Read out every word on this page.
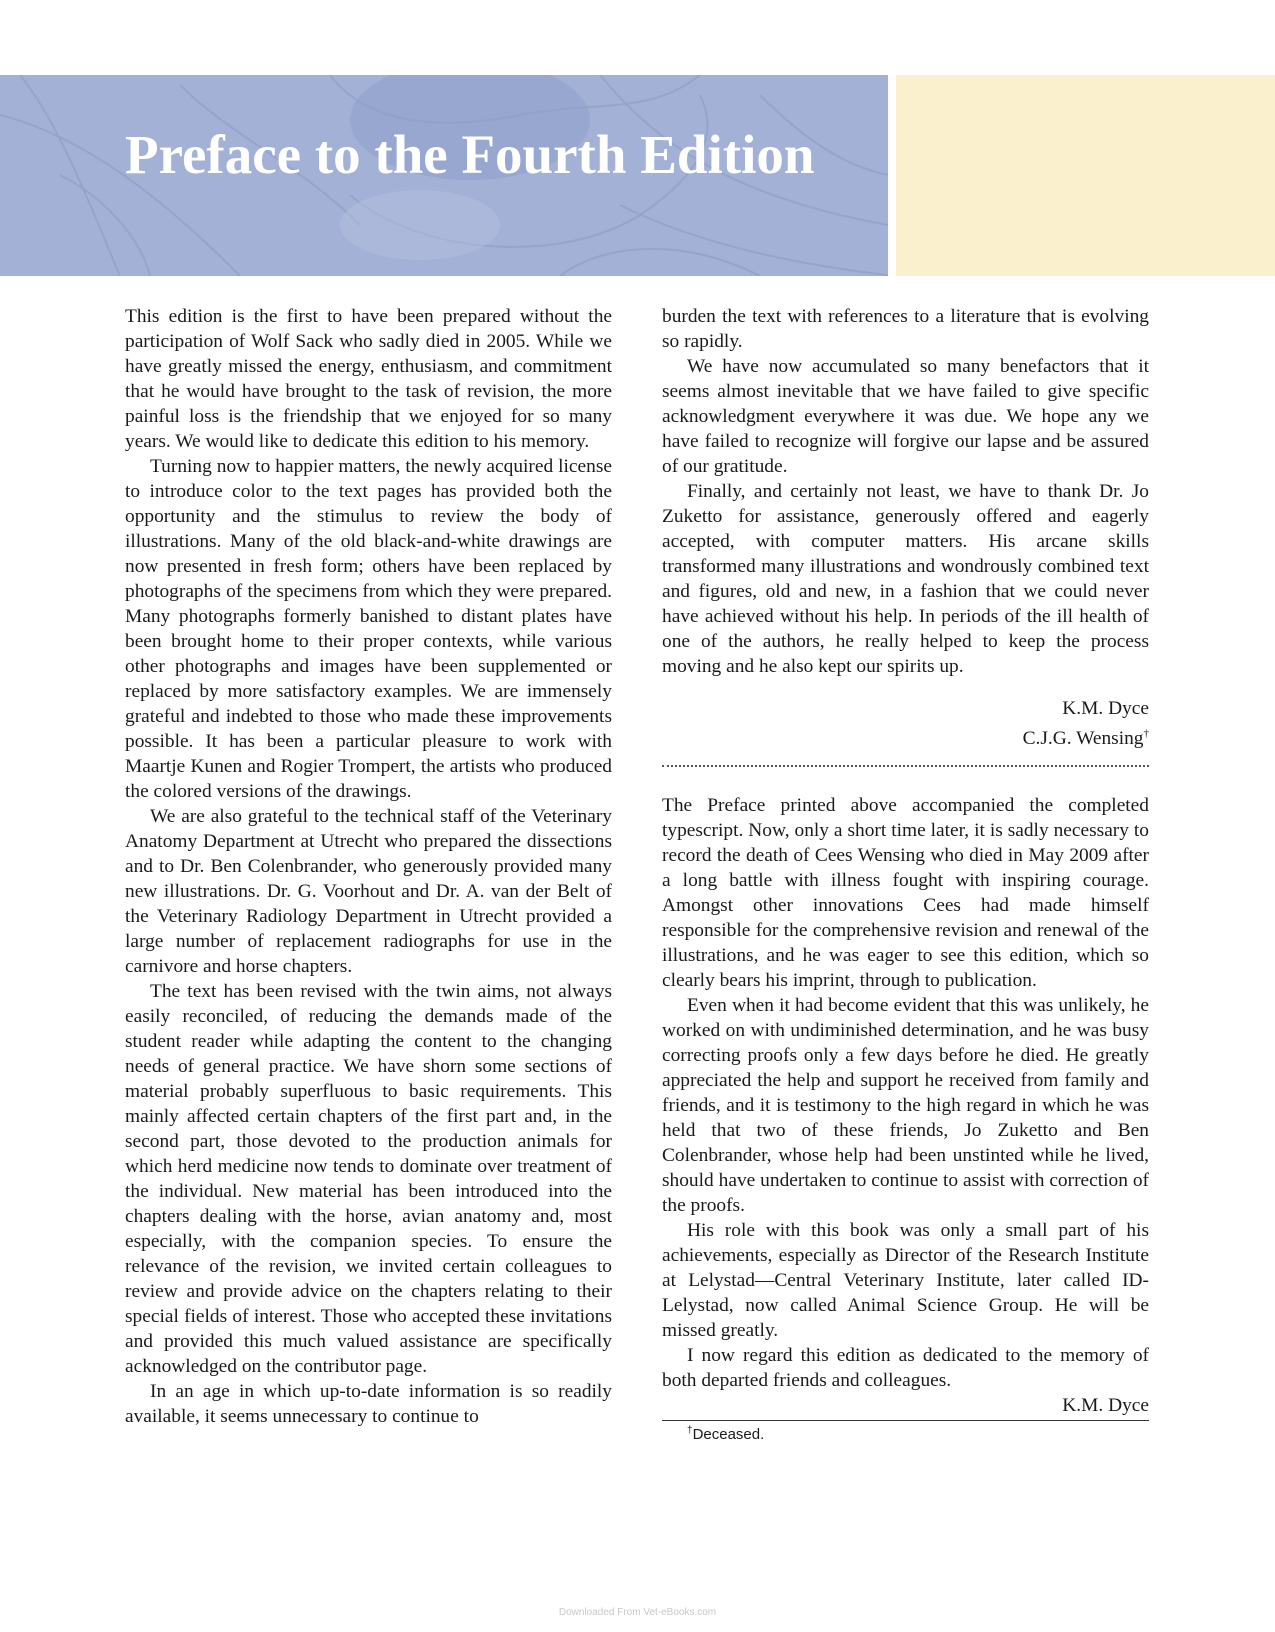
Preface to the Fourth Edition

This edition is the first to have been prepared without the participation of Wolf Sack who sadly died in 2005. While we have greatly missed the energy, enthusiasm, and commitment that he would have brought to the task of revision, the more painful loss is the friendship that we enjoyed for so many years. We would like to dedicate this edition to his memory.

Turning now to happier matters, the newly acquired license to introduce color to the text pages has provided both the opportunity and the stimulus to review the body of illustrations. Many of the old black-and-white drawings are now presented in fresh form; others have been replaced by photographs of the specimens from which they were prepared. Many photographs formerly banished to distant plates have been brought home to their proper contexts, while various other photographs and images have been supplemented or replaced by more satisfactory examples. We are immensely grateful and indebted to those who made these improvements possible. It has been a particular pleasure to work with Maartje Kunen and Rogier Trompert, the artists who produced the colored versions of the drawings.

We are also grateful to the technical staff of the Veterinary Anatomy Department at Utrecht who prepared the dissections and to Dr. Ben Colenbrander, who generously provided many new illustrations. Dr. G. Voorhout and Dr. A. van der Belt of the Veterinary Radiology Department in Utrecht provided a large number of replacement radiographs for use in the carnivore and horse chapters.

The text has been revised with the twin aims, not always easily reconciled, of reducing the demands made of the student reader while adapting the content to the changing needs of general practice. We have shorn some sections of material probably superfluous to basic requirements. This mainly affected certain chapters of the first part and, in the second part, those devoted to the production animals for which herd medicine now tends to dominate over treatment of the individual. New material has been introduced into the chapters dealing with the horse, avian anatomy and, most especially, with the companion species. To ensure the relevance of the revision, we invited certain colleagues to review and provide advice on the chapters relating to their special fields of interest. Those who accepted these invitations and provided this much valued assistance are specifically acknowledged on the contributor page.

In an age in which up-to-date information is so readily available, it seems unnecessary to continue to

burden the text with references to a literature that is evolving so rapidly.

We have now accumulated so many benefactors that it seems almost inevitable that we have failed to give specific acknowledgment everywhere it was due. We hope any we have failed to recognize will forgive our lapse and be assured of our gratitude.

Finally, and certainly not least, we have to thank Dr. Jo Zuketto for assistance, generously offered and eagerly accepted, with computer matters. His arcane skills transformed many illustrations and wondrously combined text and figures, old and new, in a fashion that we could never have achieved without his help. In periods of the ill health of one of the authors, he really helped to keep the process moving and he also kept our spirits up.

K.M. Dyce

C.J.G. Wensing†

The Preface printed above accompanied the completed typescript. Now, only a short time later, it is sadly necessary to record the death of Cees Wensing who died in May 2009 after a long battle with illness fought with inspiring courage. Amongst other innovations Cees had made himself responsible for the comprehensive revision and renewal of the illustrations, and he was eager to see this edition, which so clearly bears his imprint, through to publication.

Even when it had become evident that this was unlikely, he worked on with undiminished determination, and he was busy correcting proofs only a few days before he died. He greatly appreciated the help and support he received from family and friends, and it is testimony to the high regard in which he was held that two of these friends, Jo Zuketto and Ben Colenbrander, whose help had been unstinted while he lived, should have undertaken to continue to assist with correction of the proofs.

His role with this book was only a small part of his achievements, especially as Director of the Research Institute at Lelystad—Central Veterinary Institute, later called ID-Lelystad, now called Animal Science Group. He will be missed greatly.

I now regard this edition as dedicated to the memory of both departed friends and colleagues.

K.M. Dyce

†Deceased.

Downloaded From Vet-eBooks.com
